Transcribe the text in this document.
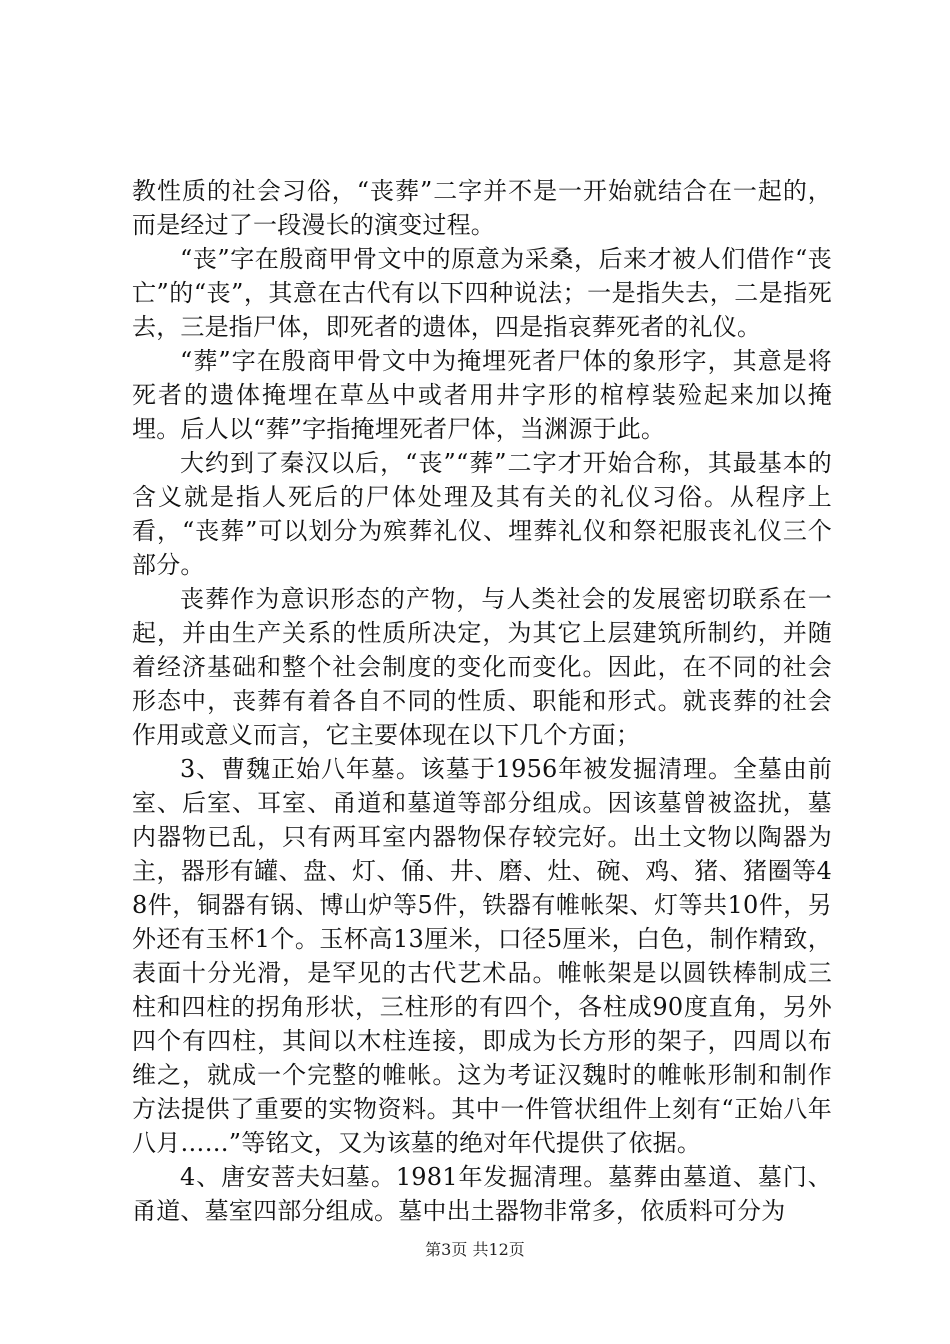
教性质的社会习俗，“丧葬”二字并不是一开始就结合在一起的，而是经过了一段漫长的演变过程。

“丧”字在殷商甲骨文中的原意为采桑，后来才被人们借作“丧亡”的“丧”，其意在古代有以下四种说法；一是指失去，二是指死去，三是指尸体，即死者的遗体，四是指哀葬死者的礼仪。

“葬”字在殷商甲骨文中为掩埋死者尸体的象形字，其意是将死者的遗体掩埋在草丛中或者用井字形的棺椁装殓起来加以掩埋。后人以“葬”字指掩埋死者尸体，当渊源于此。

大约到了秦汉以后，“丧”“葬”二字才开始合称，其最基本的含义就是指人死后的尸体处理及其有关的礼仪习俗。从程序上看，“丧葬”可以划分为殡葬礼仪、埋葬礼仪和祭祀服丧礼仪三个部分。

丧葬作为意识形态的产物，与人类社会的发展密切联系在一起，并由生产关系的性质所决定，为其它上层建筑所制约，并随着经济基础和整个社会制度的变化而变化。因此，在不同的社会形态中，丧葬有着各自不同的性质、职能和形式。就丧葬的社会作用或意义而言，它主要体现在以下几个方面；

3、曹魏正始八年墓。该墓于1956年被发掘清理。全墓由前室、后室、耳室、甬道和墓道等部分组成。因该墓曾被盗扰，墓内器物已乱，只有两耳室内器物保存较完好。出土文物以陶器为主，器形有罐、盘、灯、俑、井、磨、灶、碗、鸡、猪、猪圈等48件，铜器有锅、博山炉等5件，铁器有帷帐架、灯等共10件，另外还有玉杯1个。玉杯高13厘米，口径5厘米，白色，制作精致，表面十分光滑，是罕见的古代艺术品。帷帐架是以圆铁棒制成三柱和四柱的拐角形状，三柱形的有四个，各柱成90度直角，另外四个有四柱，其间以木柱连接，即成为长方形的架子，四周以布维之，就成一个完整的帷帐。这为考证汉魏时的帷帐形制和制作方法提供了重要的实物资料。其中一件管状组件上刻有“正始八年八月……”等铭文，又为该墓的绝对年代提供了依据。

4、唐安菩夫妇墓。1981年发掘清理。墓葬由墓道、墓门、甬道、墓室四部分组成。墓中出土器物非常多，依质料可分为

第3页 共12页
